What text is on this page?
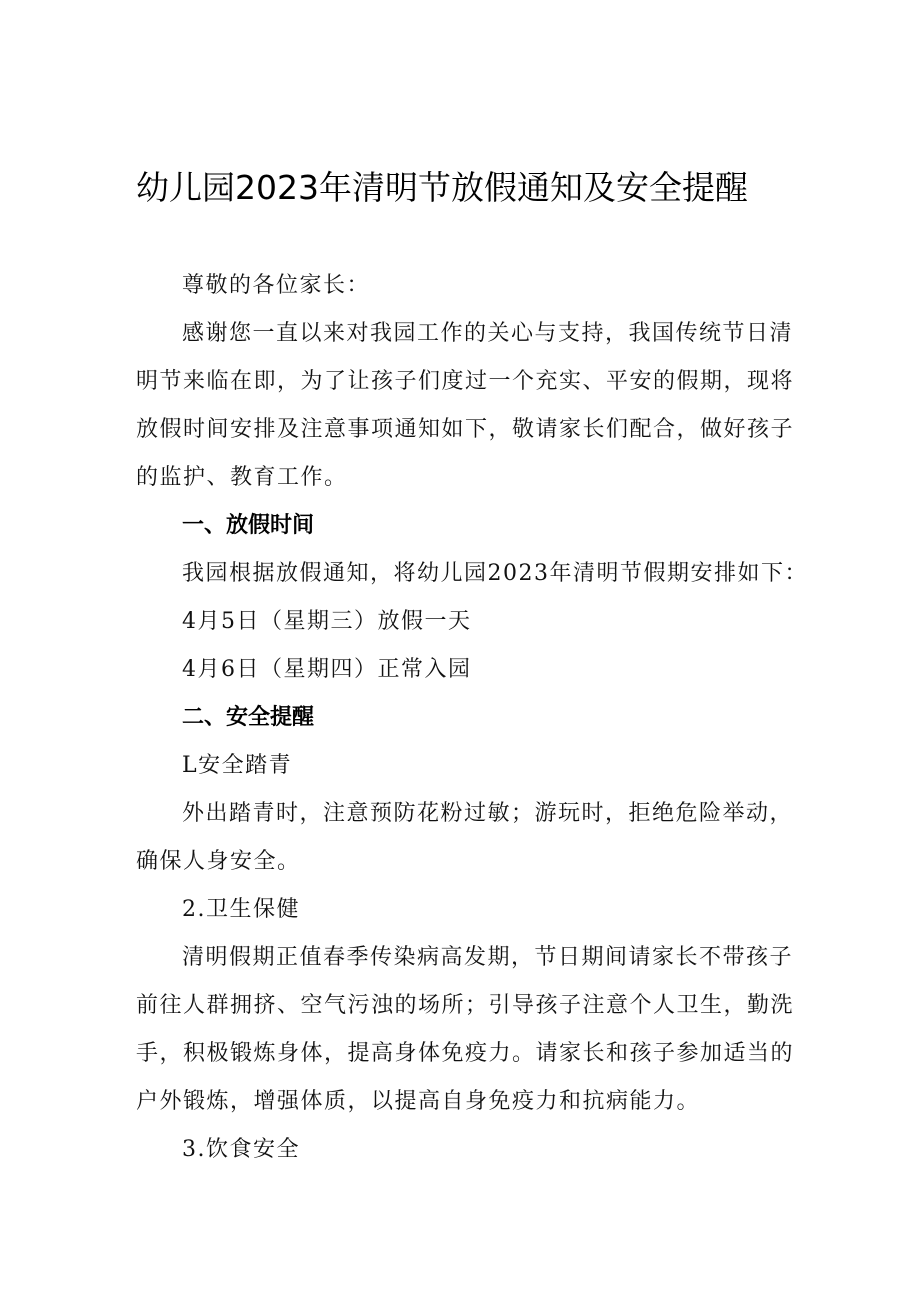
幼儿园2023年清明节放假通知及安全提醒
尊敬的各位家长：
感谢您一直以来对我园工作的关心与支持，我国传统节日清
明节来临在即，为了让孩子们度过一个充实、平安的假期，现将
放假时间安排及注意事项通知如下，敬请家长们配合，做好孩子
的监护、教育工作。
一、放假时间
我园根据放假通知，将幼儿园2023年清明节假期安排如下：
4月5日（星期三）放假一天
4月6日（星期四）正常入园
二、安全提醒
L安全踏青
外出踏青时，注意预防花粉过敏；游玩时，拒绝危险举动，
确保人身安全。
2.卫生保健
清明假期正值春季传染病高发期，节日期间请家长不带孩子
前往人群拥挤、空气污浊的场所；引导孩子注意个人卫生，勤洗
手，积极锻炼身体，提高身体免疫力。请家长和孩子参加适当的
户外锻炼，增强体质，以提高自身免疫力和抗病能力。
3.饮食安全
